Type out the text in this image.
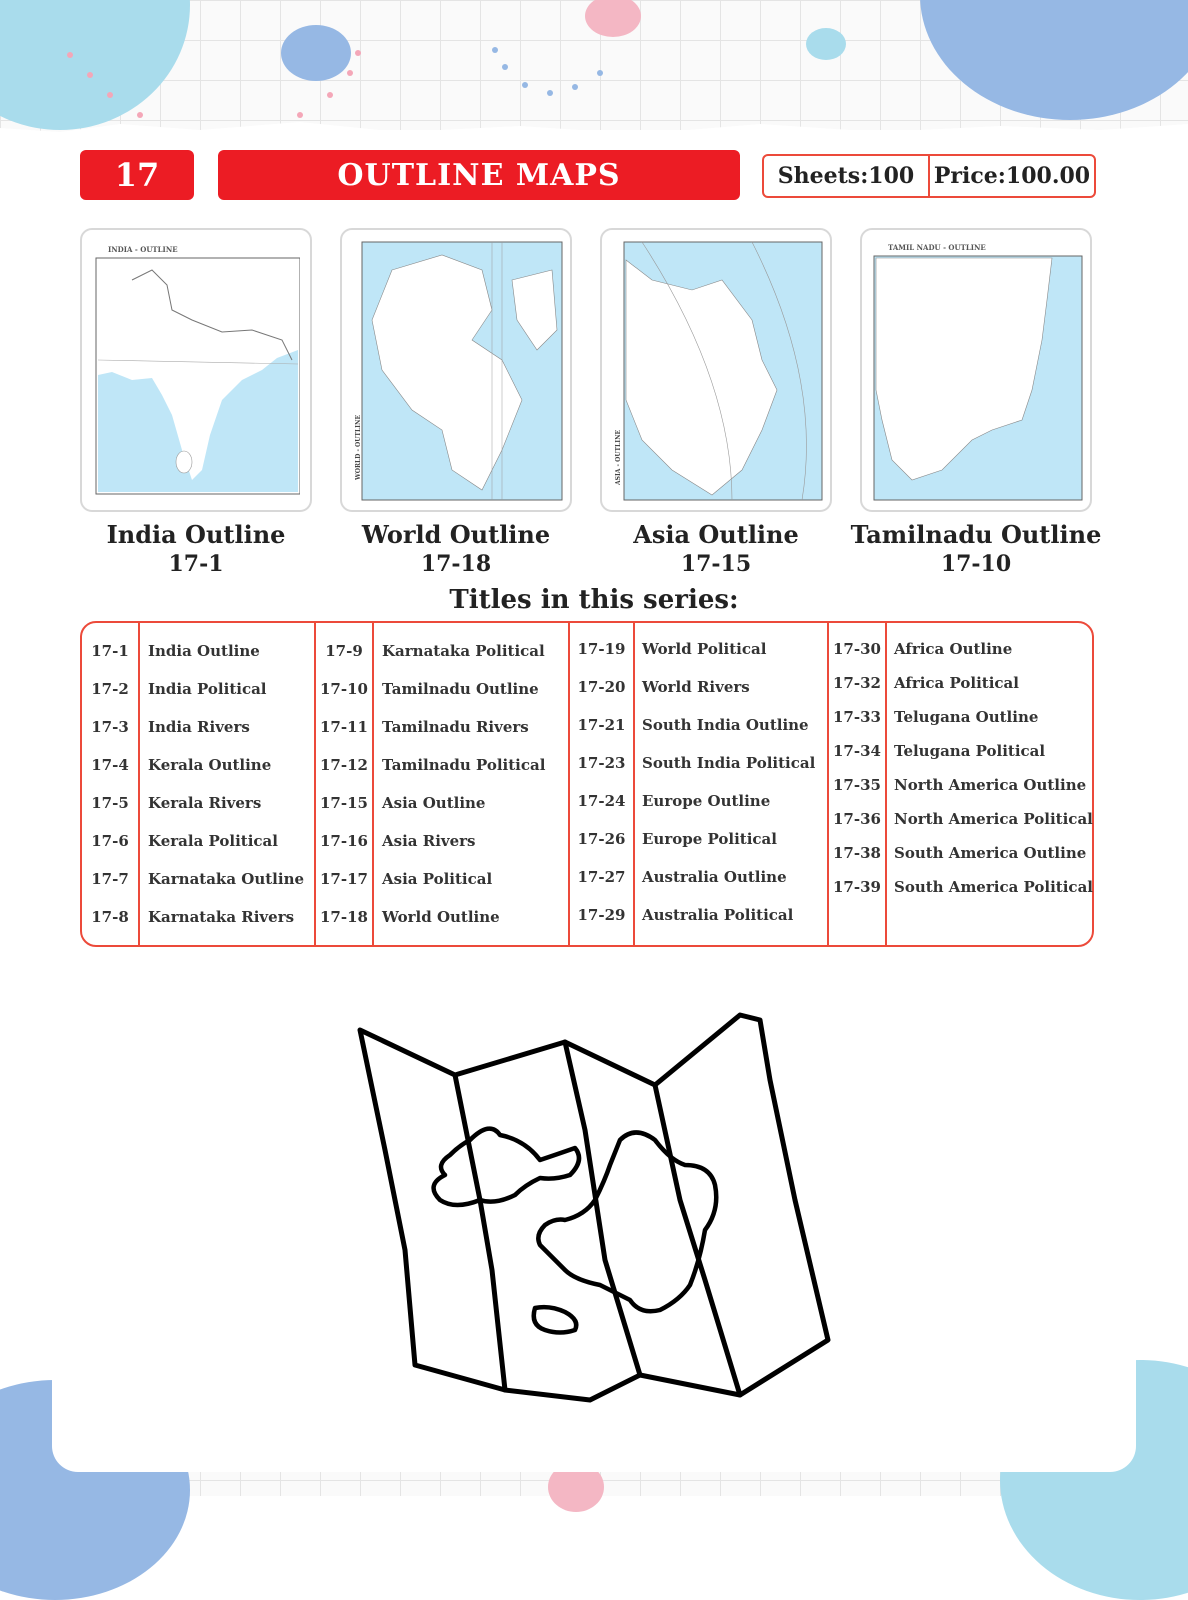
17	OUTLINE MAPS	Sheets:100 Price:100.00
INDIA - OUTLINE
WORLD - OUTLINE	ASIA - OUTLINE
TAMIL NADU - OUTLINE
India Outline
17-1
World Outline
17-18
Asia Outline
17-15
Tamilnadu Outline
17-10
Titles in this series:
17-1	India Outline
17-2	India Political
17-3	India Rivers
17-4	Kerala Outline
17-5	Kerala Rivers
17-6	Kerala Political
17-7	Karnataka Outline
17-8	Karnataka Rivers
17-9	Karnataka Political
17-10 Tamilnadu Outline
17-11 Tamilnadu Rivers
17-12 Tamilnadu Political
17-15 Asia Outline
17-16 Asia Rivers
17-17 Asia Political
17-18 World Outline
17-19	World Political
17-20	World Rivers
17-21	South India Outline
17-23	South India Political
17-24	Europe Outline
17-26	Europe Political
17-27	Australia Outline
17-29	Australia Political
17-30 Africa Outline
17-32 Africa Political
17-33 Telugana Outline
17-34 Telugana Political
17-35 North America Outline
17-36 North America Political
17-38 South America Outline
17-39 South America Political
